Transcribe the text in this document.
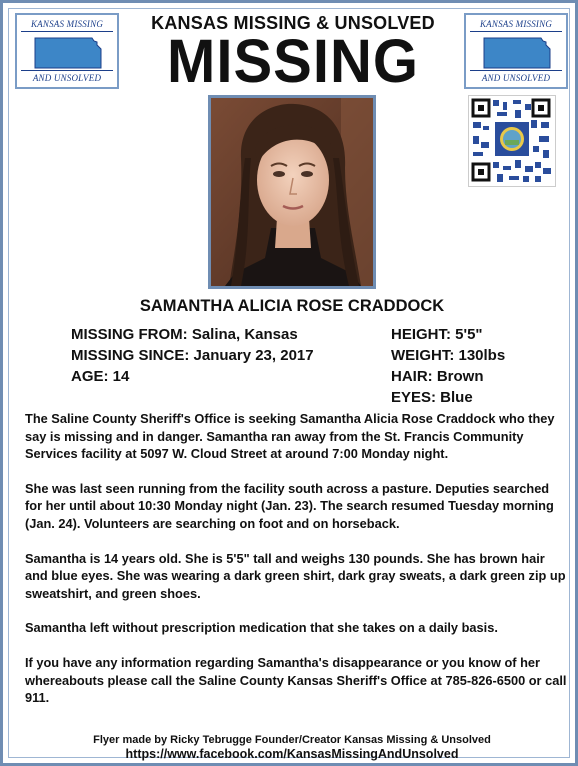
KANSAS MISSING
AND UNSOLVED
KANSAS MISSING
AND UNSOLVED
KANSAS MISSING & UNSOLVED
MISSING
SAMANTHA ALICIA ROSE CRADDOCK
MISSING FROM: Salina, Kansas
MISSING SINCE: January 23, 2017
AGE: 14
HEIGHT: 5'5"
WEIGHT: 130lbs
HAIR: Brown
EYES: Blue

The Saline County Sheriff's Office is seeking Samantha Alicia Rose Craddock who they say is missing and in danger. Samantha ran away from the St. Francis Community Services facility at 5097 W. Cloud Street at around 7:00 Monday night.

She was last seen running from the facility south across a pasture. Deputies searched for her until about 10:30 Monday night (Jan. 23). The search resumed Tuesday morning (Jan. 24). Volunteers are searching on foot and on horseback.

Samantha is 14 years old. She is 5'5" tall and weighs 130 pounds. She has brown hair and blue eyes. She was wearing a dark green shirt, dark gray sweats, a dark green zip up sweatshirt, and green shoes.

Samantha left without prescription medication that she takes on a daily basis.

If you have any information regarding Samantha's disappearance or you know of her whereabouts please call the Saline County Kansas Sheriff's Office at 785-826-6500 or call 911.

Flyer made by Ricky Tebrugge Founder/Creator Kansas Missing & Unsolved
https://www.facebook.com/KansasMissingAndUnsolved
